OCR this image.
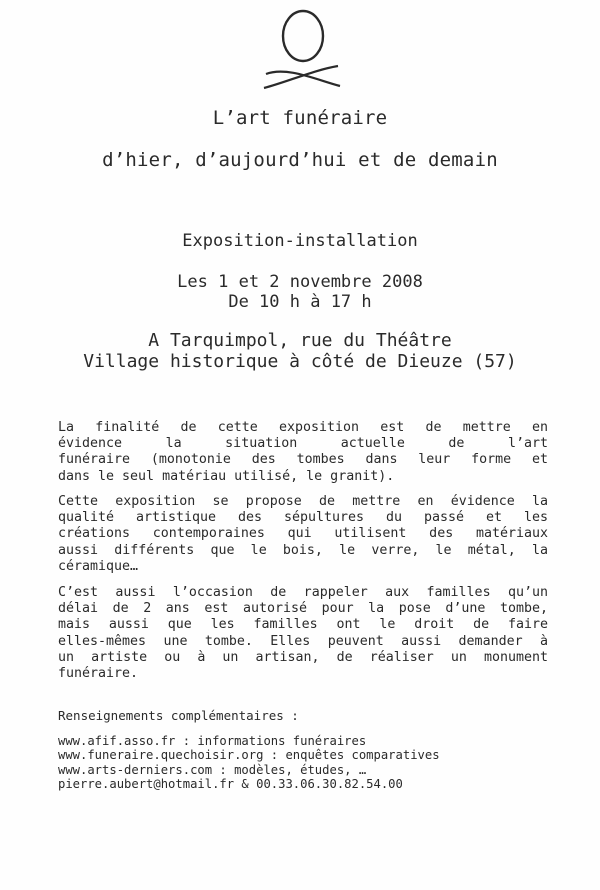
L’art funéraire
d’hier, d’aujourd’hui et de demain
Exposition-installation
Les 1 et 2 novembre 2008
De 10 h à 17 h
A Tarquimpol, rue du Théâtre
Village historique à côté de Dieuze (57)
La finalité de cette exposition est de mettre en
évidence la situation actuelle de l’art
funéraire (monotonie des tombes dans leur forme et
dans le seul matériau utilisé, le granit).
Cette exposition se propose de mettre en évidence la
qualité artistique des sépultures du passé et les
créations contemporaines qui utilisent des matériaux
aussi différents que le bois, le verre, le métal, la
céramique…
C’est aussi l’occasion de rappeler aux familles qu’un
délai de 2 ans est autorisé pour la pose d’une tombe,
mais aussi que les familles ont le droit de faire
elles-mêmes une tombe. Elles peuvent aussi demander à
un artiste ou à un artisan, de réaliser un monument
funéraire.
Renseignements complémentaires :
www.afif.asso.fr : informations funéraires
www.funeraire.quechoisir.org : enquêtes comparatives
www.arts-derniers.com : modèles, études, …
pierre.aubert@hotmail.fr & 00.33.06.30.82.54.00
